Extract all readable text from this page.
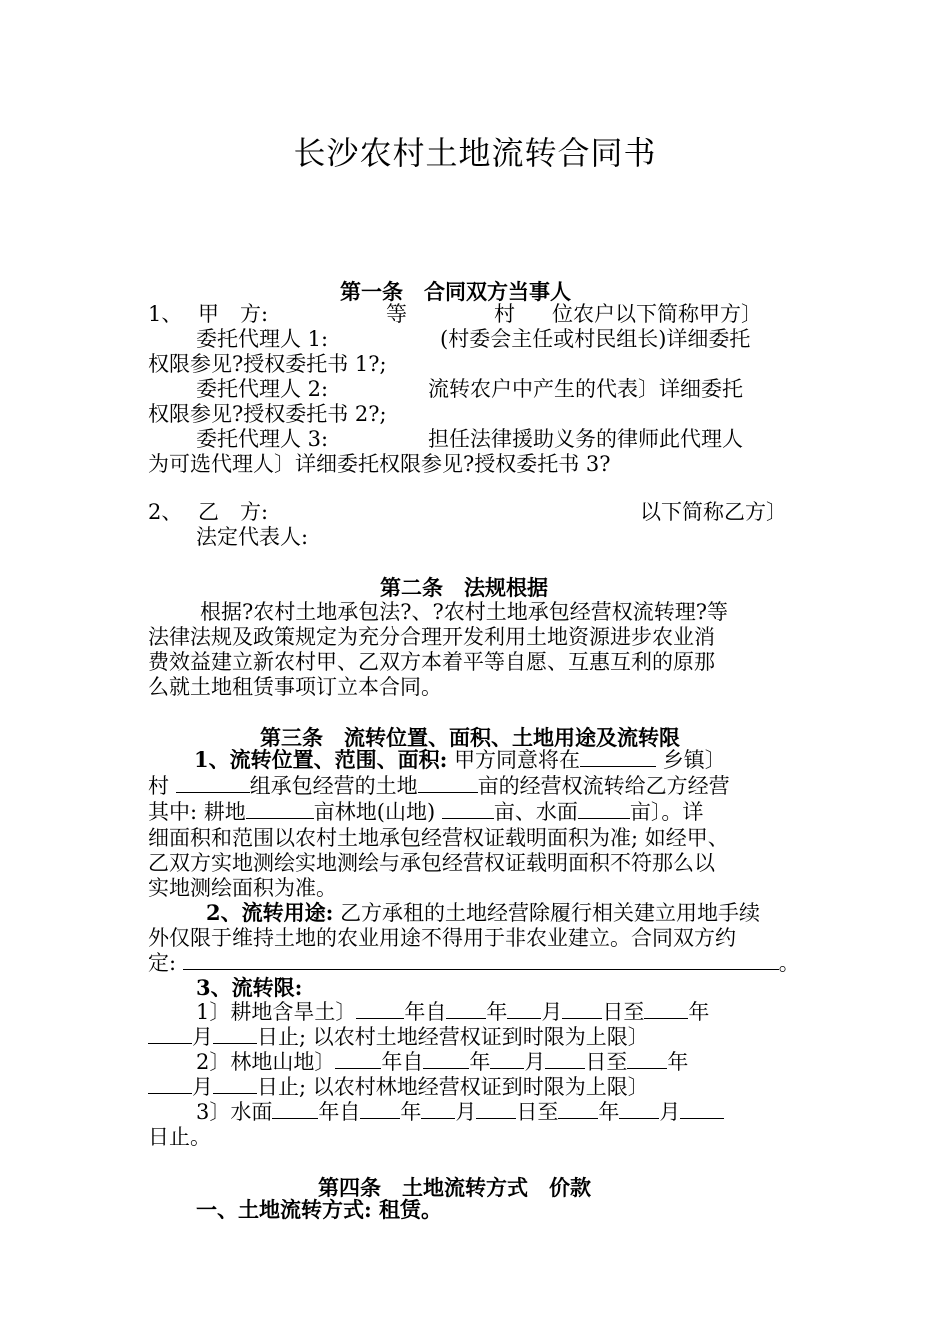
长沙农村土地流转合同书
第一条　合同双方当事人
1、 甲　方:	等	村 位农户以下简称甲方〕
委托代理人 1:	(村委会主任或村民组长)详细委托
权限参见?授权委托书 1?;
委托代理人 2:	流转农户中产生的代表〕详细委托
权限参见?授权委托书 2?;
委托代理人 3:	担任法律援助义务的律师此代理人
为可选代理人〕详细委托权限参见?授权委托书 3?
2、 乙　方:	以下简称乙方〕
法定代表人:
第二条　法规根据
根据?农村土地承包法?、?农村土地承包经营权流转理?等
法律法规及政策规定为充分合理开发利用土地资源进步农业消
费效益建立新农村甲、乙双方本着平等自愿、互惠互利的原那
么就土地租赁事项订立本合同。
第三条　流转位置、面积、土地用途及流转限
1、流转位置、范围、面积: 甲方同意将在	乡镇〕
村	组承包经营的土地	亩的经营权流转给乙方经营
其中: 耕地	亩林地(山地)	亩、水面 亩〕。详
细面积和范围以农村土地承包经营权证载明面积为准; 如经甲、
乙双方实地测绘实地测绘与承包经营权证载明面积不符那么以
实地测绘面积为准。
2、流转用途: 乙方承租的土地经营除履行相关建立用地手续
外仅限于维持土地的农业用途不得用于非农业建立。合同双方约
定:	。
3、流转限:
1〕耕地含旱土〕 年自 年 月 日至 年
月 日止; 以农村土地经营权证到时限为上限〕
2〕林地山地〕 年自 年 月 日至 年
月 日止; 以农村林地经营权证到时限为上限〕
3〕水面 年自 年 月 日至 年 月
日止。
第四条　土地流转方式　价款
一、土地流转方式: 租赁。
